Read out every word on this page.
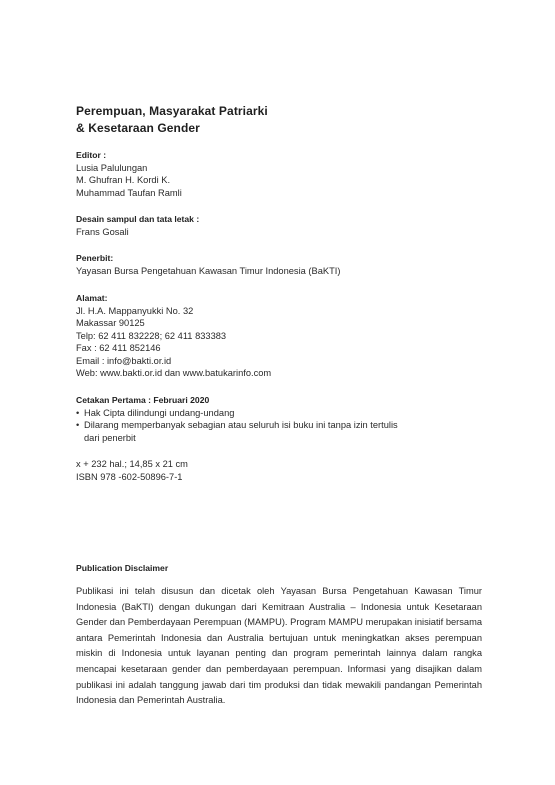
Perempuan, Masyarakat Patriarki
& Kesetaraan Gender
Editor :
Lusia Palulungan
M. Ghufran H. Kordi K.
Muhammad Taufan Ramli
Desain sampul dan tata letak :
Frans Gosali
Penerbit:
Yayasan Bursa Pengetahuan Kawasan Timur Indonesia (BaKTI)
Alamat:
Jl. H.A. Mappanyukki No. 32
Makassar 90125
Telp: 62 411 832228; 62 411 833383
Fax : 62 411 852146
Email : info@bakti.or.id
Web: www.bakti.or.id dan www.batukarinfo.com
Cetakan Pertama : Februari 2020
• Hak Cipta dilindungi undang-undang
• Dilarang memperbanyak sebagian atau seluruh isi buku ini tanpa izin tertulis
dari penerbit
x + 232 hal.; 14,85 x 21 cm
ISBN 978 -602-50896-7-1
Publication Disclaimer
Publikasi ini telah disusun dan dicetak oleh Yayasan Bursa Pengetahuan Kawasan Timur Indonesia (BaKTI) dengan dukungan dari Kemitraan Australia – Indonesia untuk Kesetaraan Gender dan Pemberdayaan Perempuan (MAMPU). Program MAMPU merupakan inisiatif bersama antara Pemerintah Indonesia dan Australia bertujuan untuk meningkatkan akses perempuan miskin di Indonesia untuk layanan penting dan program pemerintah lainnya dalam rangka mencapai kesetaraan gender dan pemberdayaan perempuan. Informasi yang disajikan dalam publikasi ini adalah tanggung jawab dari tim produksi dan tidak mewakili pandangan Pemerintah Indonesia dan Pemerintah Australia.
